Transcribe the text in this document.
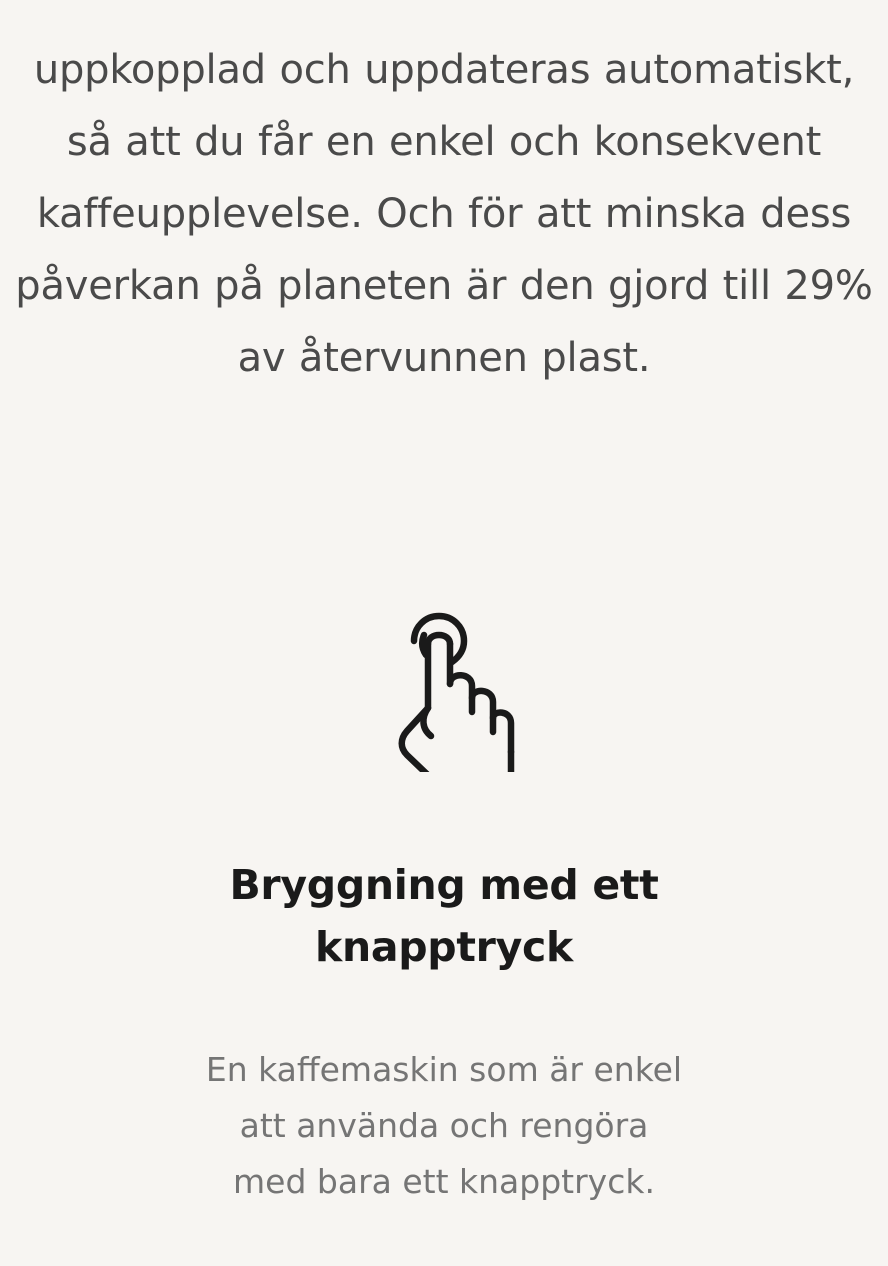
uppkopplad och uppdateras automatiskt, så att du får en enkel och konsekvent kaffeupplevelse. Och för att minska dess påverkan på planeten är den gjord till 29% av återvunnen plast.

Bryggning med ett knapptryck

En kaffemaskin som är enkel att använda och rengöra med bara ett knapptryck.
